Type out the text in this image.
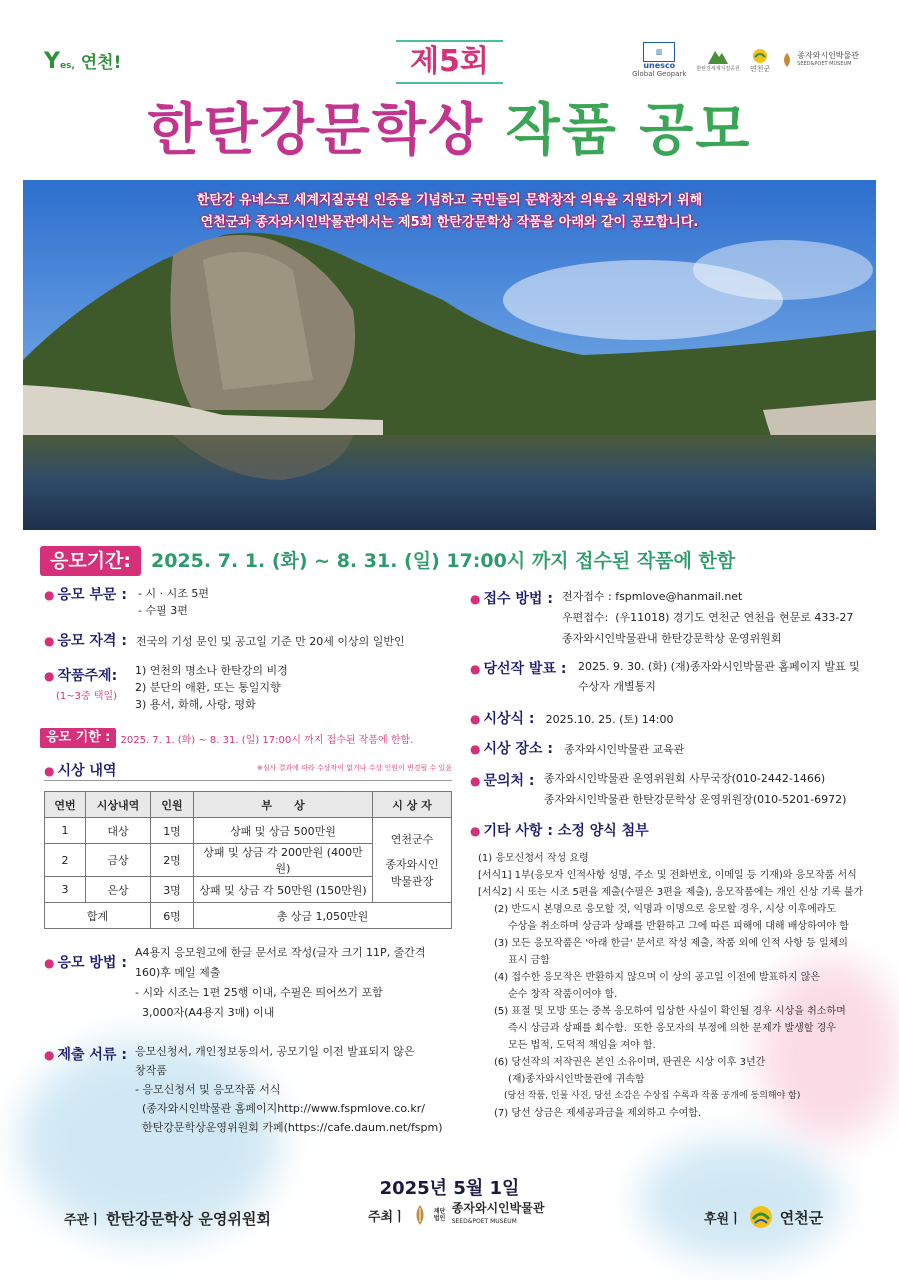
Yes, 연천!
▥
unesco
Global Geopark
한탄강세계지질공원 연천군
종자와시인박물관
SEED&POET MUSEUM
제5회
한탄강문학상 작품 공모
한탄강 유네스코 세계지질공원 인증을 기념하고 국민들의 문학창작 의욕을 지원하기 위해
연천군과 종자와시인박물관에서는 제5회 한탄강문학상 작품을 아래와 같이 공모합니다.
응모기간:	2025. 7. 1. (화) ~ 8. 31. (일) 17:00시 까지 접수된 작품에 한함
● 응모 부문 : - 시 · 시조 5편
- 수필 3편
● 응모 자격 : 전국의 기성 문인 및 공고일 기준 만 20세 이상의 일반인
● 작품주제:
(1~3중 택일)
1) 연천의 명소나 한탄강의 비경
2) 분단의 애환, 또는 통일지향
3) 용서, 화해, 사랑, 평화
응모 기한 :	2025. 7. 1. (화) ~ 8. 31. (일) 17:00시 까지 접수된 작품에 한함.
● 시상 내역	※심사 결과에 따라 수상작이 없거나 수상 인원이 변경될 수 있음
연번	시상내역	인원	부　　상	시 상 자
1	대상	1명	상패 및 상금 500만원	연천군수
종자와시인
박물관장

2	금상	2명	상패 및 상금 각 200만원 (400만원)	
3	은상	3명	상패 및 상금 각 50만원 (150만원)	
합계		6명	총 상금 1,050만원	
● 응모 방법 :
A4용지 응모원고에 한글 문서로 작성(글자 크기 11P, 줄간격
160)후 메일 제출
- 시와 시조는 1편 25행 이내, 수필은 띄어쓰기 포함
3,000자(A4용지 3매) 이내
● 제출 서류 : 응모신청서, 개인정보동의서, 공모기일 이전 발표되지 않은
창작품
- 응모신청서 및 응모작품 서식
(종자와시인박물관 홈페이지http://www.fspmlove.co.kr/
한탄강문학상운영위원회 카페(https://cafe.daum.net/fspm)
● 접수 방법 : 전자접수 : fspmlove@hanmail.net
우편접수:  (우11018) 경기도 연천군 연천읍 현문로 433-27
종자와시인박물관내 한탄강문학상 운영위원회
● 당선작 발표 : 2025. 9. 30. (화) (재)종자와시인박물관 홈페이지 발표 및
수상자 개별통지
● 시상식 : 2025.10. 25. (토) 14:00
● 시상 장소 : 종자와시인박물관 교육관
● 문의처 : 종자와시인박물관 운영위원회 사무국장(010-2442-1466)
종자와시인박물관 한탄강문학상 운영위원장(010-5201-6972)
● 기타 사항 : 소정 양식 첨부
(1) 응모신청서 작성 요령
[서식1] 1부(응모자 인적사항 성명, 주소 및 전화번호, 이메일 등 기재)와 응모작품 서식
[서식2] 시 또는 시조 5편을 제출(수필은 3편을 제출), 응모작품에는 개인 신상 기록 불가
(2) 반드시 본명으로 응모할 것, 익명과 이명으로 응모할 경우, 시상 이후에라도
수상을 취소하며 상금과 상패를 반환하고 그에 따른 피해에 대해 배상하여야 함
(3) 모든 응모작품은 '아래 한글' 문서로 작성 제출, 작품 외에 인적 사항 등 일체의
표시 금함
(4) 접수한 응모작은 반환하지 않으며 이 상의 공고일 이전에 발표하지 않은
순수 창작 작품이어야 함.
(5) 표절 및 모방 또는 중복 응모하여 입상한 사실이 확인될 경우 시상을 취소하며
즉시 상금과 상패를 회수함.  또한 응모자의 부정에 의한 문제가 발생할 경우
모든 법적, 도덕적 책임을 져야 함.
(6) 당선작의 저작권은 본인 소유이며, 판권은 시상 이후 3년간
(재)종자와시인박물관에 귀속함
(당선 작품, 인물 사진, 당선 소감은 수상집 수록과 작품 공개에 동의해야 함)
(7) 당선 상금은 제세공과금을 제외하고 수여함.
2025년 5월 1일
주관ㅣ 한탄강문학상 운영위원회	주최ㅣ	재단법인
종자와시인박물관
SEED&POET MUSEUM	후원ㅣ	연천군
